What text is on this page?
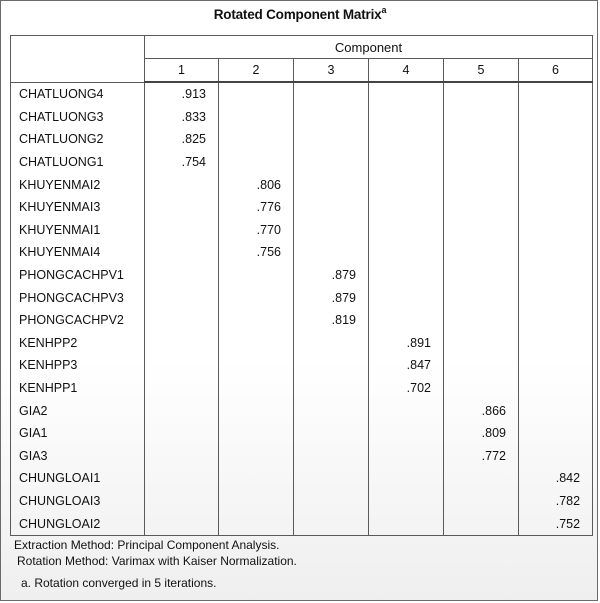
Rotated Component Matrix$^a$
	Component					
	1	2	3	4	5	6
CHATLUONG4	.913					
CHATLUONG3	.833					
CHATLUONG2	.825					
CHATLUONG1	.754					
KHUYENMAI2		.806				
KHUYENMAI3		.776				
KHUYENMAI1		.770				
KHUYENMAI4		.756				
PHONGCACHPV1			.879			
PHONGCACHPV3			.879			
PHONGCACHPV2			.819			
KENHPP2				.891		
KENHPP3				.847		
KENHPP1				.702		
GIA2					.866	
GIA1					.809	
GIA3					.772	
CHUNGLOAI1						.842
CHUNGLOAI3						.782
CHUNGLOAI2						.752
Extraction Method: Principal Component Analysis.
Rotation Method: Varimax with Kaiser Normalization.
a. Rotation converged in 5 iterations.
